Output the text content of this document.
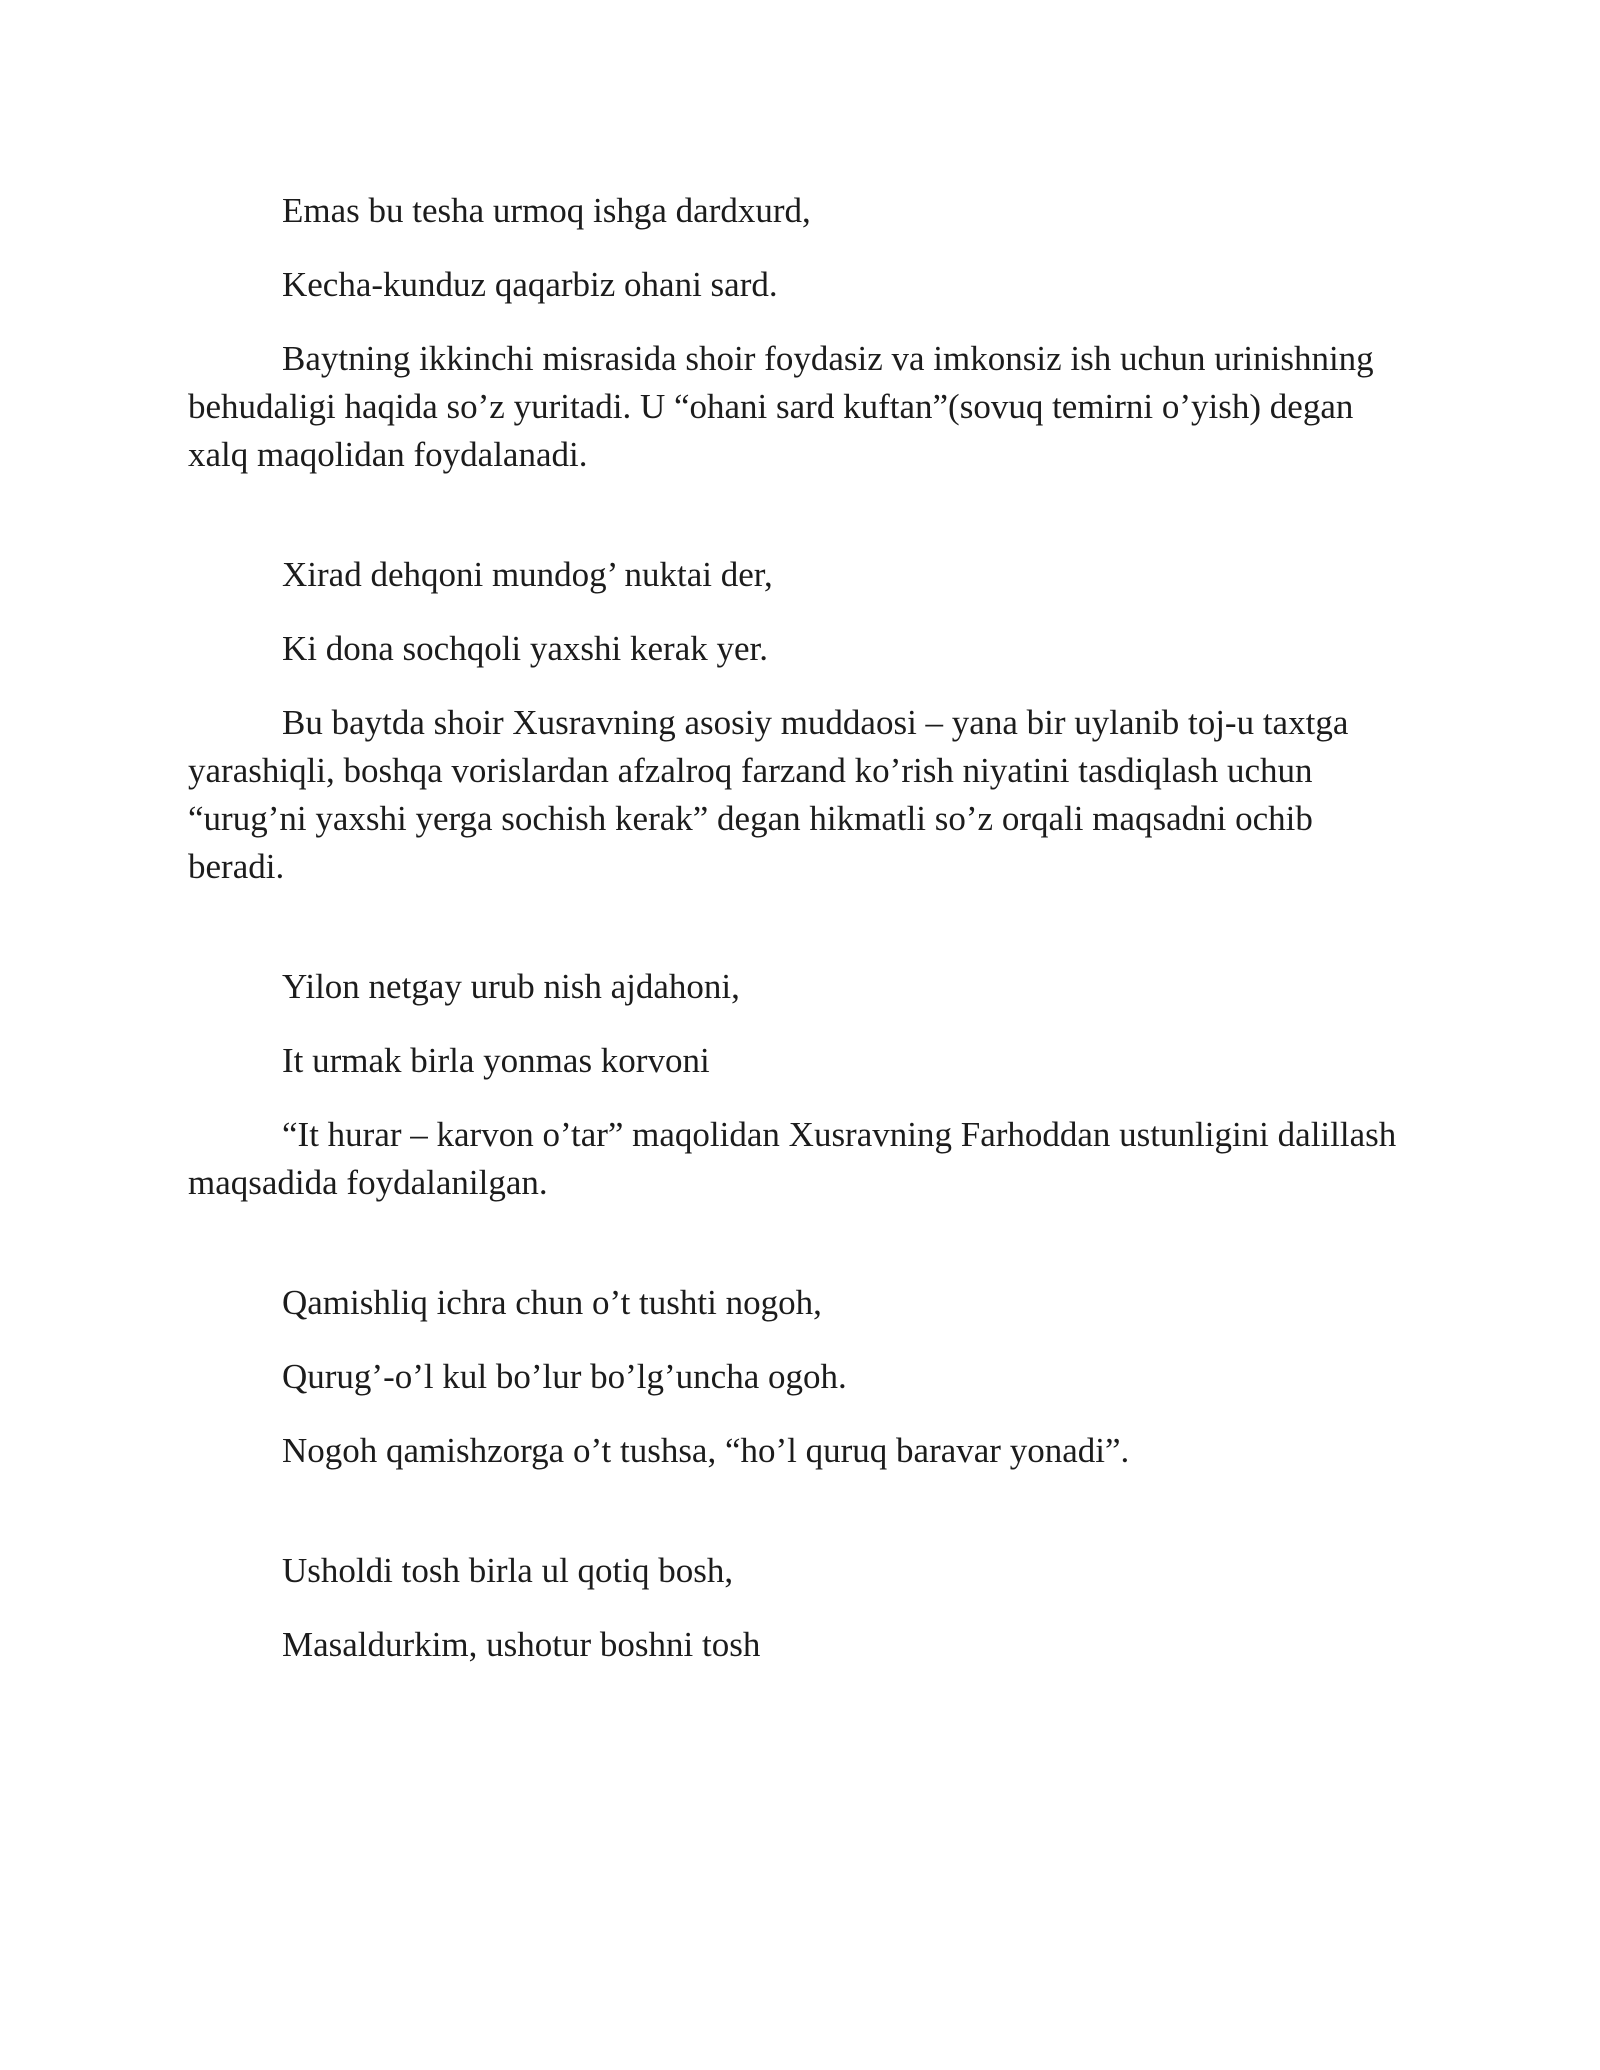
Emas bu tesha urmoq ishga dardxurd,

Kecha-kunduz qaqarbiz ohani sard.

Baytning ikkinchi misrasida shoir foydasiz va imkonsiz ish uchun urinishning behudaligi haqida so’z yuritadi. U “ohani sard kuftan”(sovuq temirni o’yish) degan xalq maqolidan foydalanadi.

Xirad dehqoni mundog’ nuktai der,

Ki dona sochqoli yaxshi kerak yer.

Bu baytda shoir Xusravning asosiy muddaosi – yana bir uylanib toj-u taxtga yarashiqli, boshqa vorislardan afzalroq farzand ko’rish niyatini tasdiqlash uchun “urug’ni yaxshi yerga sochish kerak” degan hikmatli so’z orqali maqsadni ochib beradi.

Yilon netgay urub nish ajdahoni,

It urmak birla yonmas korvoni

“It hurar – karvon o’tar” maqolidan Xusravning Farhoddan ustunligini dalillash maqsadida foydalanilgan.

Qamishliq ichra chun o’t tushti nogoh,

Qurug’-o’l kul bo’lur bo’lg’uncha ogoh.

Nogoh qamishzorga o’t tushsa, “ho’l quruq baravar yonadi”.

Usholdi tosh birla ul qotiq bosh,

Masaldurkim, ushotur boshni tosh
